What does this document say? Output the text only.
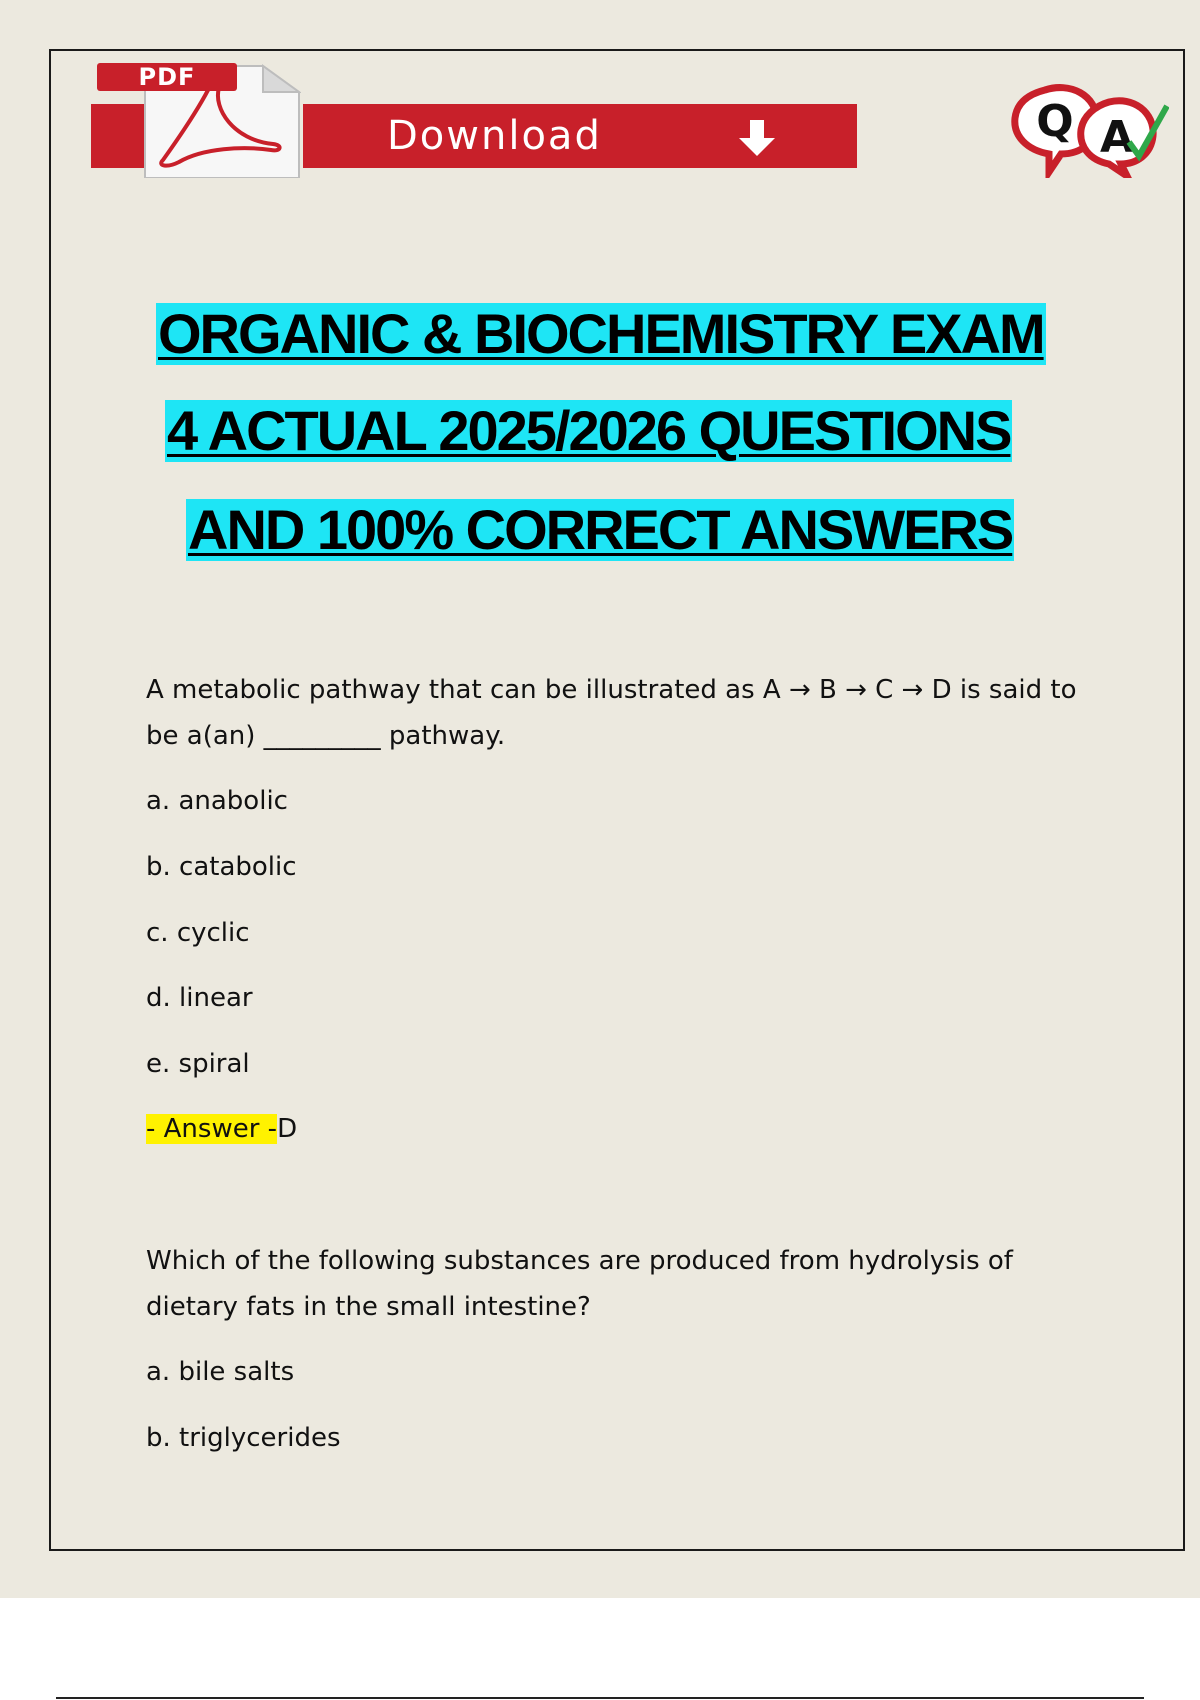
PDF
Download	Q A
ORGANIC & BIOCHEMISTRY EXAM
4 ACTUAL 2025/2026 QUESTIONS
AND 100% CORRECT ANSWERS
A metabolic pathway that can be illustrated as A → B → C → D is said to
be a(an) _________ pathway.
a. anabolic
b. catabolic
c. cyclic
d. linear
e. spiral
- Answer -D
Which of the following substances are produced from hydrolysis of
dietary fats in the small intestine?
a. bile salts
b. triglycerides
